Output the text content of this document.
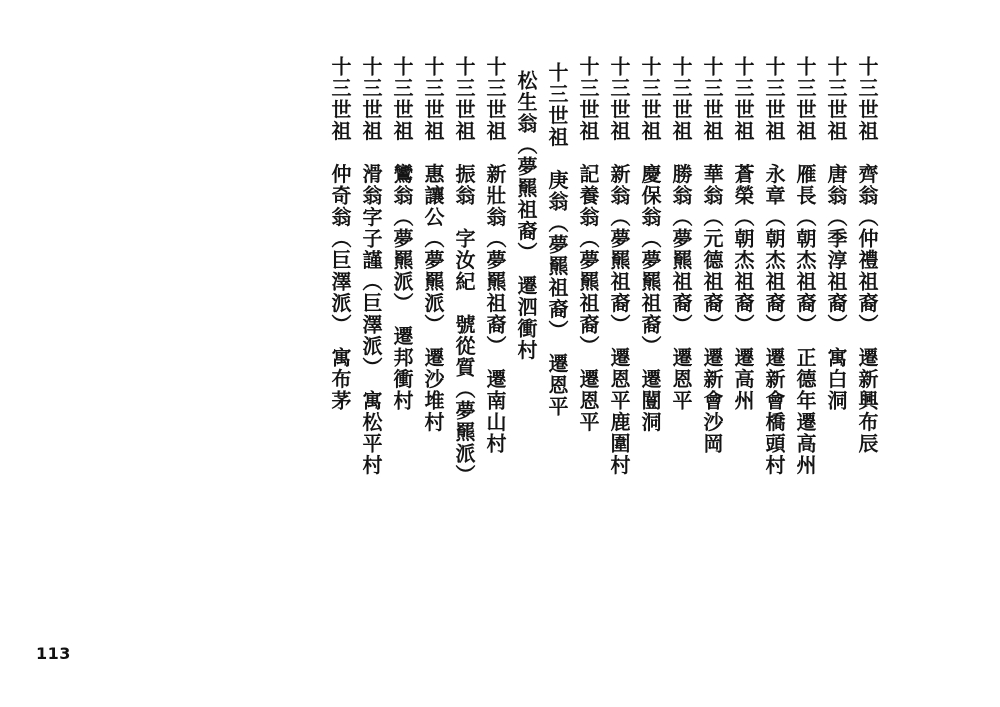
十三世祖　齊翁（仲禮祖裔）　遷新興布辰
十三世祖　唐翁（季淳祖裔）　寓白洞
十三世祖　雁長（朝杰祖裔）　正德年遷高州
十三世祖　永章（朝杰祖裔）　遷新會橋頭村
十三世祖　蒼榮（朝杰祖裔）　遷高州
十三世祖　華翁（元德祖裔）　遷新會沙岡
十三世祖　勝翁（夢羆祖裔）　遷恩平
十三世祖　慶保翁（夢羆祖裔）　遷闓洞
十三世祖　新翁（夢羆祖裔）　遷恩平鹿圍村
十三世祖　記養翁（夢羆祖裔）　遷恩平
十三世祖　庚翁（夢羆祖裔）　遷恩平
松生翁（夢羆祖裔）　遷泗衝村
十三世祖　新壯翁（夢羆祖裔）　遷南山村
十三世祖　振翁　字汝紀　號從質（夢羆派）
十三世祖　惠讓公（夢羆派）　遷沙堆村
十三世祖　鸞翁（夢羆派）　遷邦衝村
十三世祖　滑翁字子謹（巨澤派）　寓松平村
十三世祖　仲奇翁（巨澤派）　寓布茅
113
